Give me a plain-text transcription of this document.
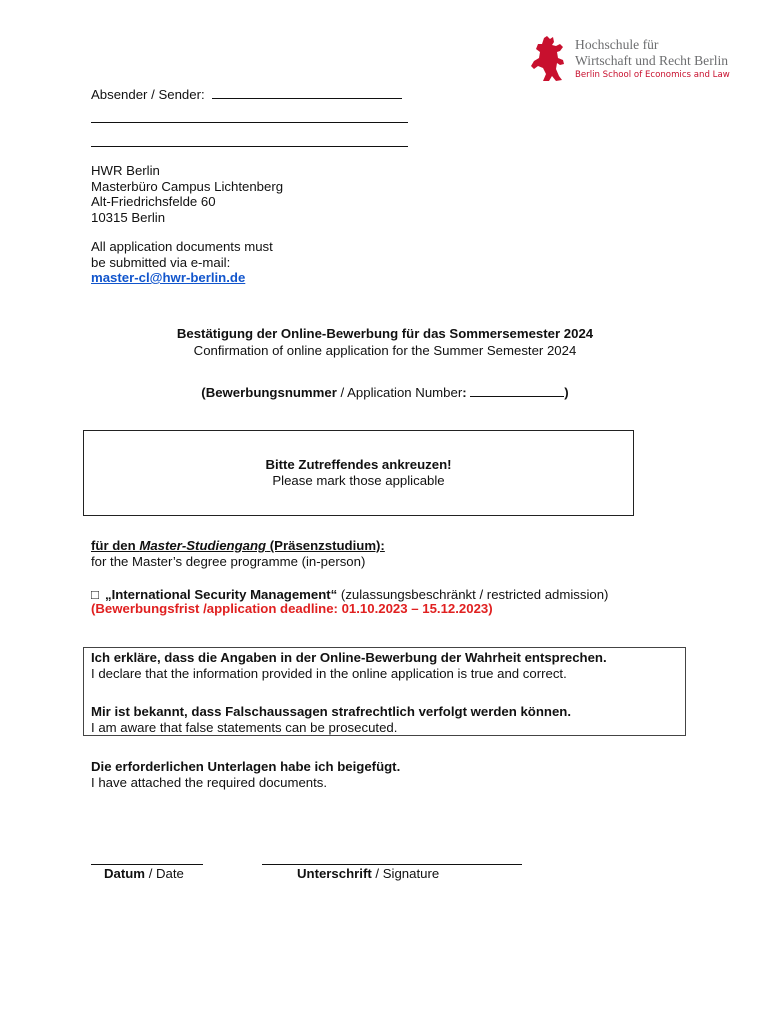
Hochschule für
Wirtschaft und Recht Berlin
Berlin School of Economics and Law
Absender / Sender:
HWR Berlin
Masterbüro Campus Lichtenberg
Alt-Friedrichsfelde 60
10315 Berlin
All application documents must
be submitted via e-mail:
master-cl@hwr-berlin.de
Bestätigung der Online-Bewerbung für das Sommersemester 2024
Confirmation of online application for the Summer Semester 2024
(Bewerbungsnummer / Application Number:	)
Bitte Zutreffendes ankreuzen!
Please mark those applicable
für den Master-Studiengang (Präsenzstudium):
for the Master’s degree programme (in-person)
□ „International Security Management“ (zulassungsbeschränkt / restricted admission)
(Bewerbungsfrist /application deadline: 01.10.2023 – 15.12.2023)
Ich erkläre, dass die Angaben in der Online-Bewerbung der Wahrheit entsprechen.
I declare that the information provided in the online application is true and correct.
Mir ist bekannt, dass Falschaussagen strafrechtlich verfolgt werden können.
I am aware that false statements can be prosecuted.
Die erforderlichen Unterlagen habe ich beigefügt.
I have attached the required documents.
Datum / Date	Unterschrift / Signature
